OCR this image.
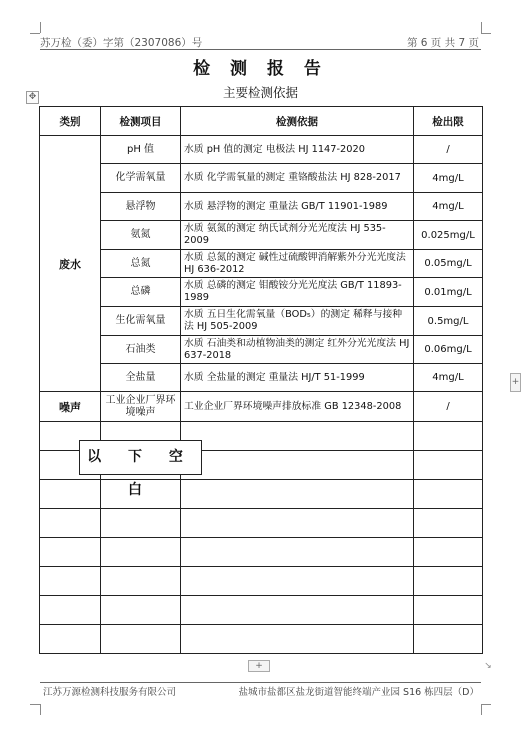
苏万检（委）字第（2307086）号	第 6 页 共 7 页
检 测 报 告
主要检测依据
✥
类别	检测项目	检测依据	检出限
废水	pH 值	水质 pH 值的测定 电极法 HJ 1147-2020	/
	化学需氧量	水质 化学需氧量的测定 重铬酸盐法 HJ 828-2017	4mg/L
	悬浮物	水质 悬浮物的测定 重量法 GB/T 11901-1989	4mg/L
	氨氮	水质 氨氮的测定 纳氏试剂分光光度法 HJ 535-2009	0.025mg/L
	总氮	水质 总氮的测定 碱性过硫酸钾消解紫外分光光度法 HJ 636-2012	0.05mg/L
	总磷	水质 总磷的测定 钼酸铵分光光度法 GB/T 11893-1989	0.01mg/L
	生化需氧量	水质 五日生化需氧量（BOD₅）的测定 稀释与接种法 HJ 505-2009	0.5mg/L
	石油类	水质 石油类和动植物油类的测定 红外分光光度法 HJ 637-2018	0.06mg/L
	全盐量	水质 全盐量的测定 重量法 HJ/T 51-1999	4mg/L
噪声	工业企业厂界环境噪声	工业企业厂界环境噪声排放标准 GB 12348-2008	/

以 下 空 白
+
+	↘
江苏万源检测科技服务有限公司	盐城市盐都区盐龙街道智能终端产业园 S16 栋四层（D）
